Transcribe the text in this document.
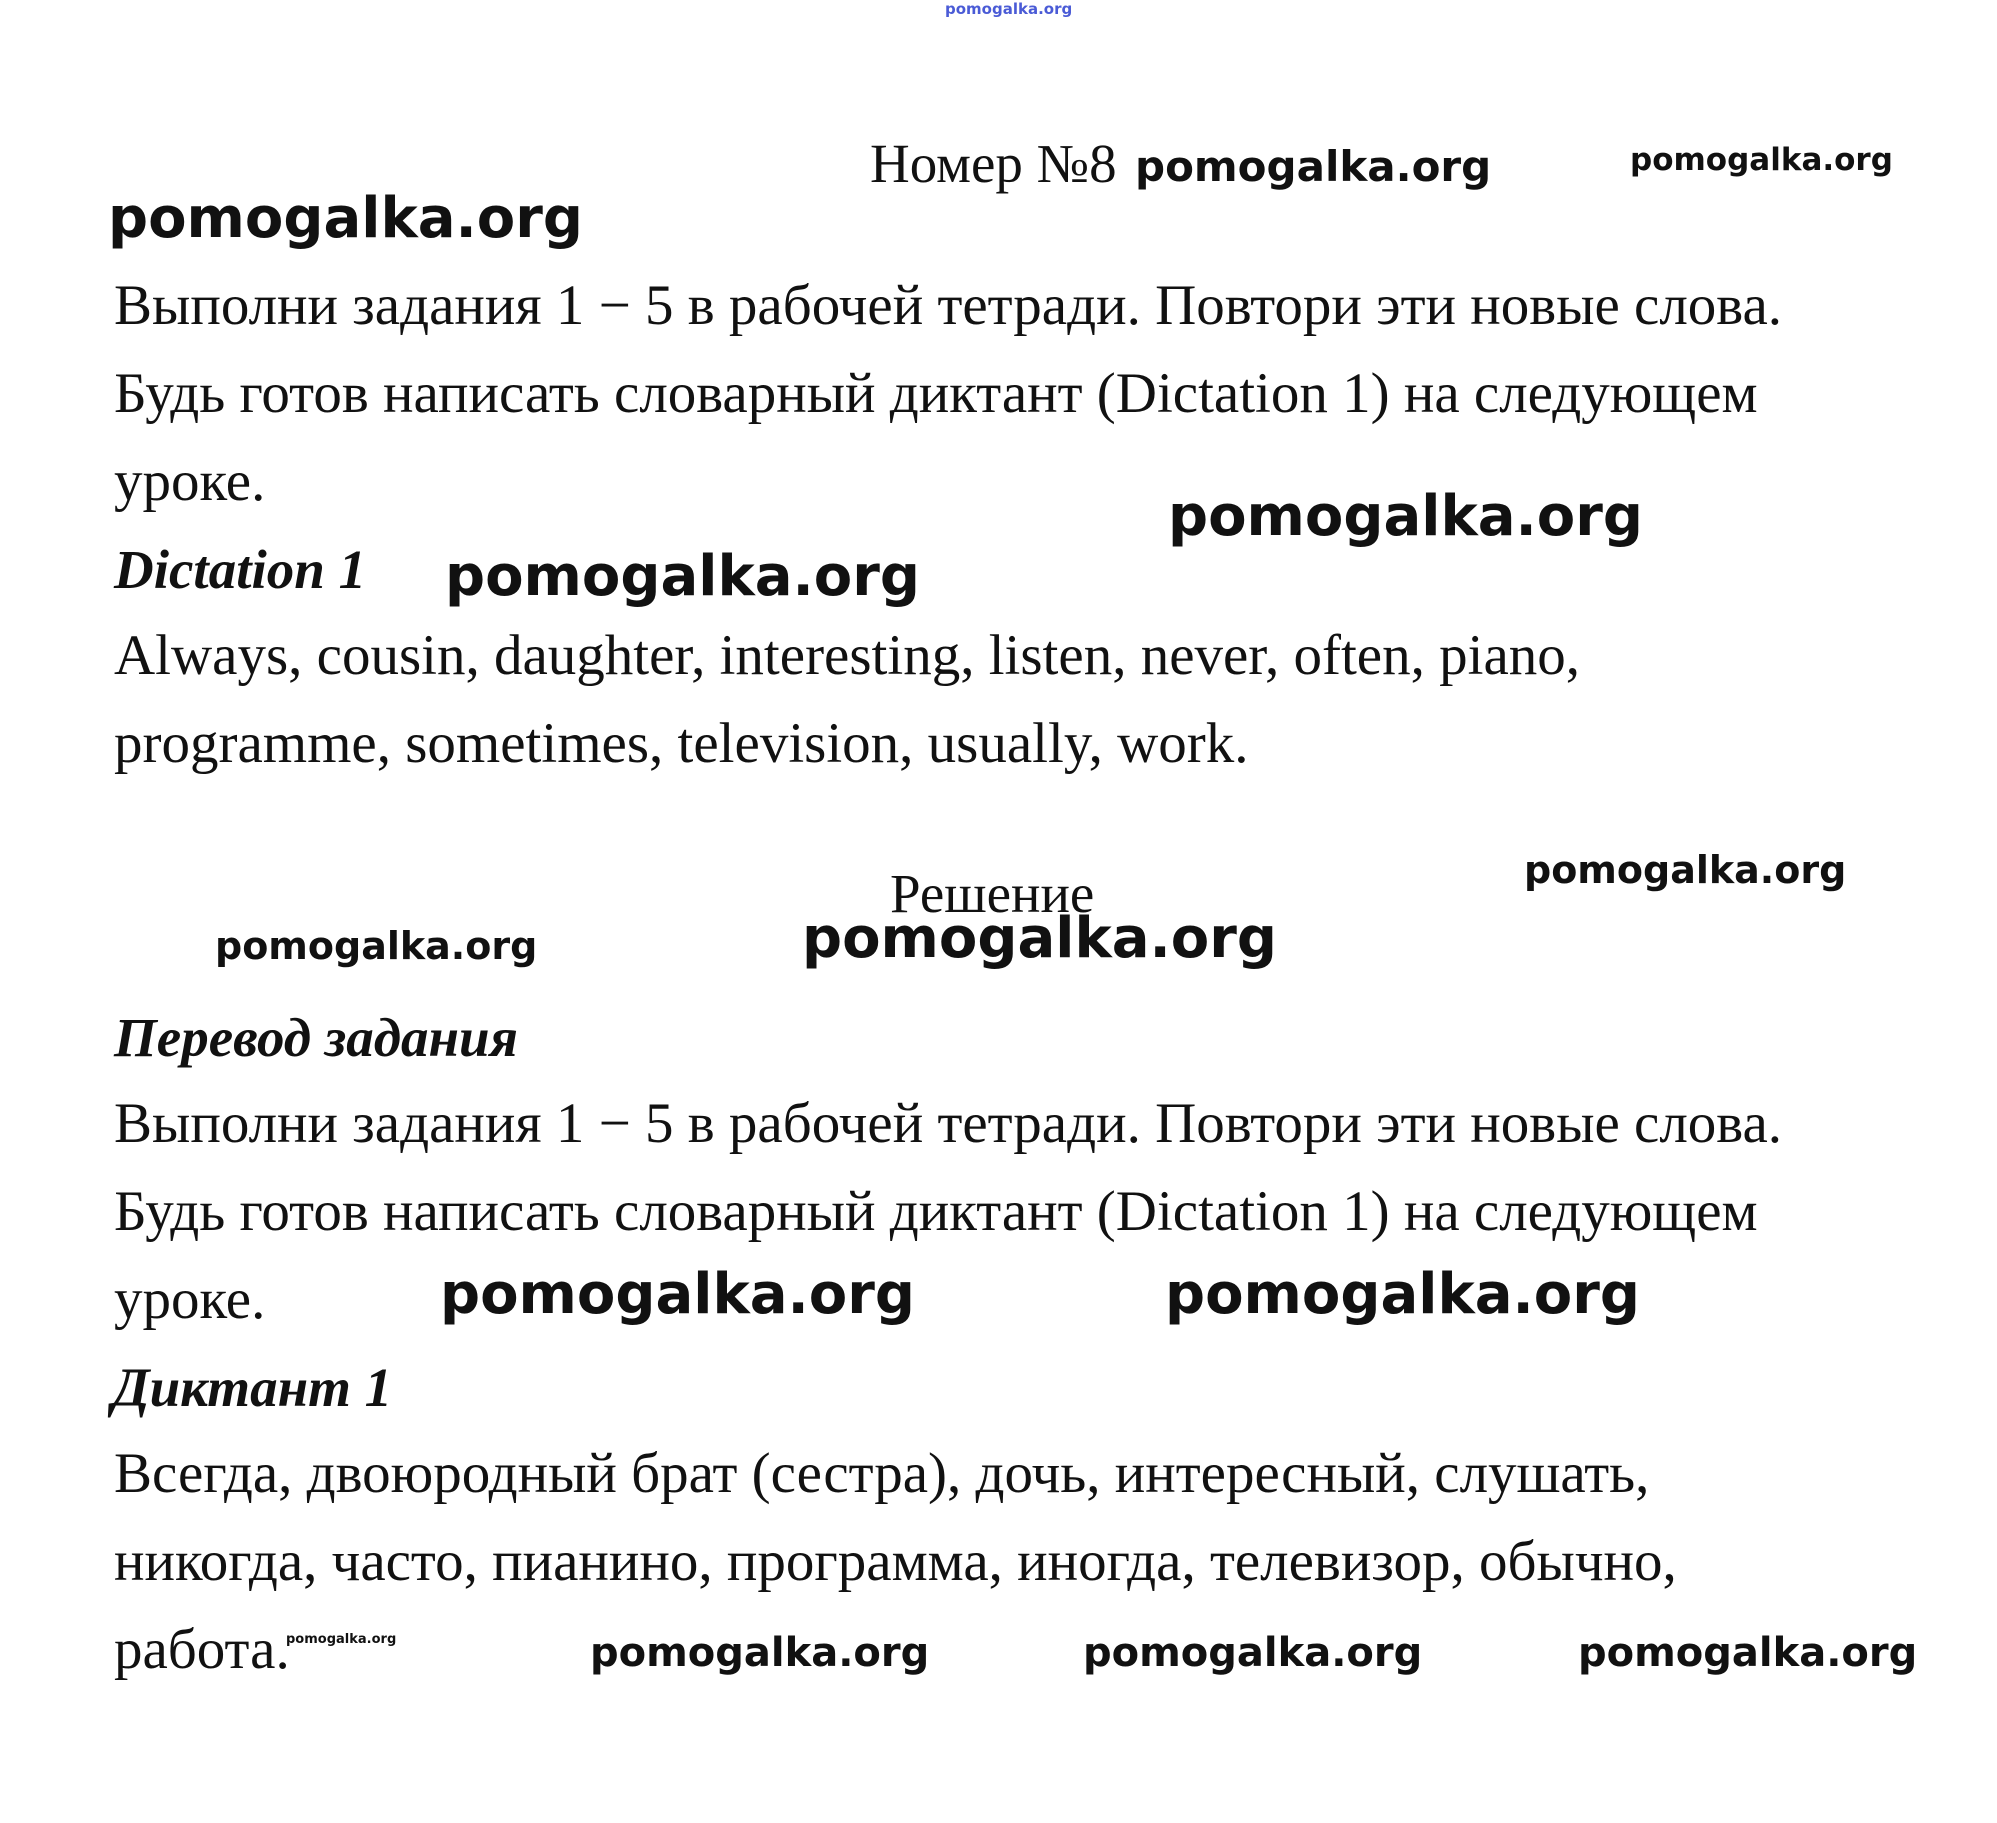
pomogalka.org
Номер №8 pomogalka.org	pomogalka.org
pomogalka.org
Выполни задания 1 − 5 в рабочей тетради. Повтори эти новые слова.
Будь готов написать словарный диктант (Dictation 1) на следующем
уроке.
pomogalka.org
Dictation 1 pomogalka.org
Always, cousin, daughter, interesting, listen, never, often, piano,
programme, sometimes, television, usually, work.
pomogalka.org
Решение
pomogalka.org	pomogalka.org
Перевод задания
Выполни задания 1 − 5 в рабочей тетради. Повтори эти новые слова.
Будь готов написать словарный диктант (Dictation 1) на следующем
уроке.	pomogalka.org	pomogalka.org
Диктант 1
Всегда, двоюродный брат (сестра), дочь, интересный, слушать,
никогда, часто, пианино, программа, иногда, телевизор, обычно,
работа.
pomogalka.org	pomogalka.org	pomogalka.org	pomogalka.org
